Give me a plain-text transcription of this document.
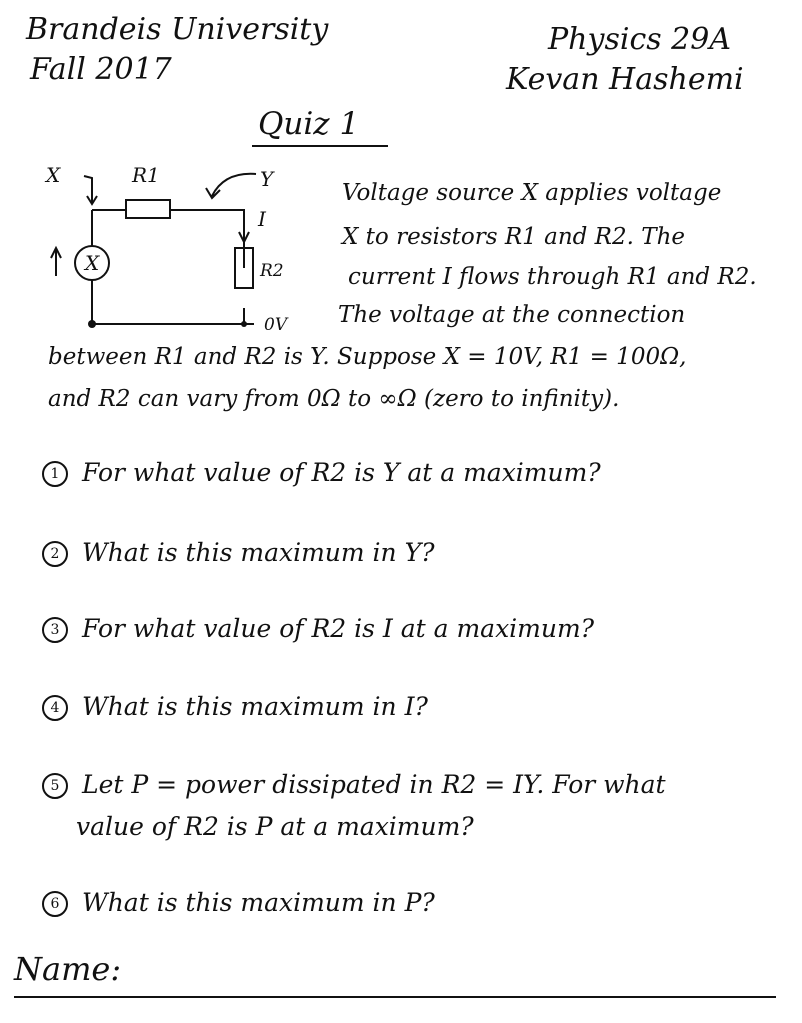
Brandeis University
Fall 2017
Physics 29A
Kevan Hashemi
Quiz 1
X	R1	Y
I
X	R2
0V
Voltage source X applies voltage
X to resistors R1 and R2. The
current I flows through R1 and R2.
The voltage at the connection
between R1 and R2 is Y. Suppose X = 10V, R1 = 100Ω,
and R2 can vary from 0Ω to ∞Ω (zero to infinity).
1 For what value of R2 is Y at a maximum?
2 What is this maximum in Y?
3 For what value of R2 is I at a maximum?
4 What is this maximum in I?
5 Let P = power dissipated in R2 = IY. For what
value of R2 is P at a maximum?
6 What is this maximum in P?
Name:
